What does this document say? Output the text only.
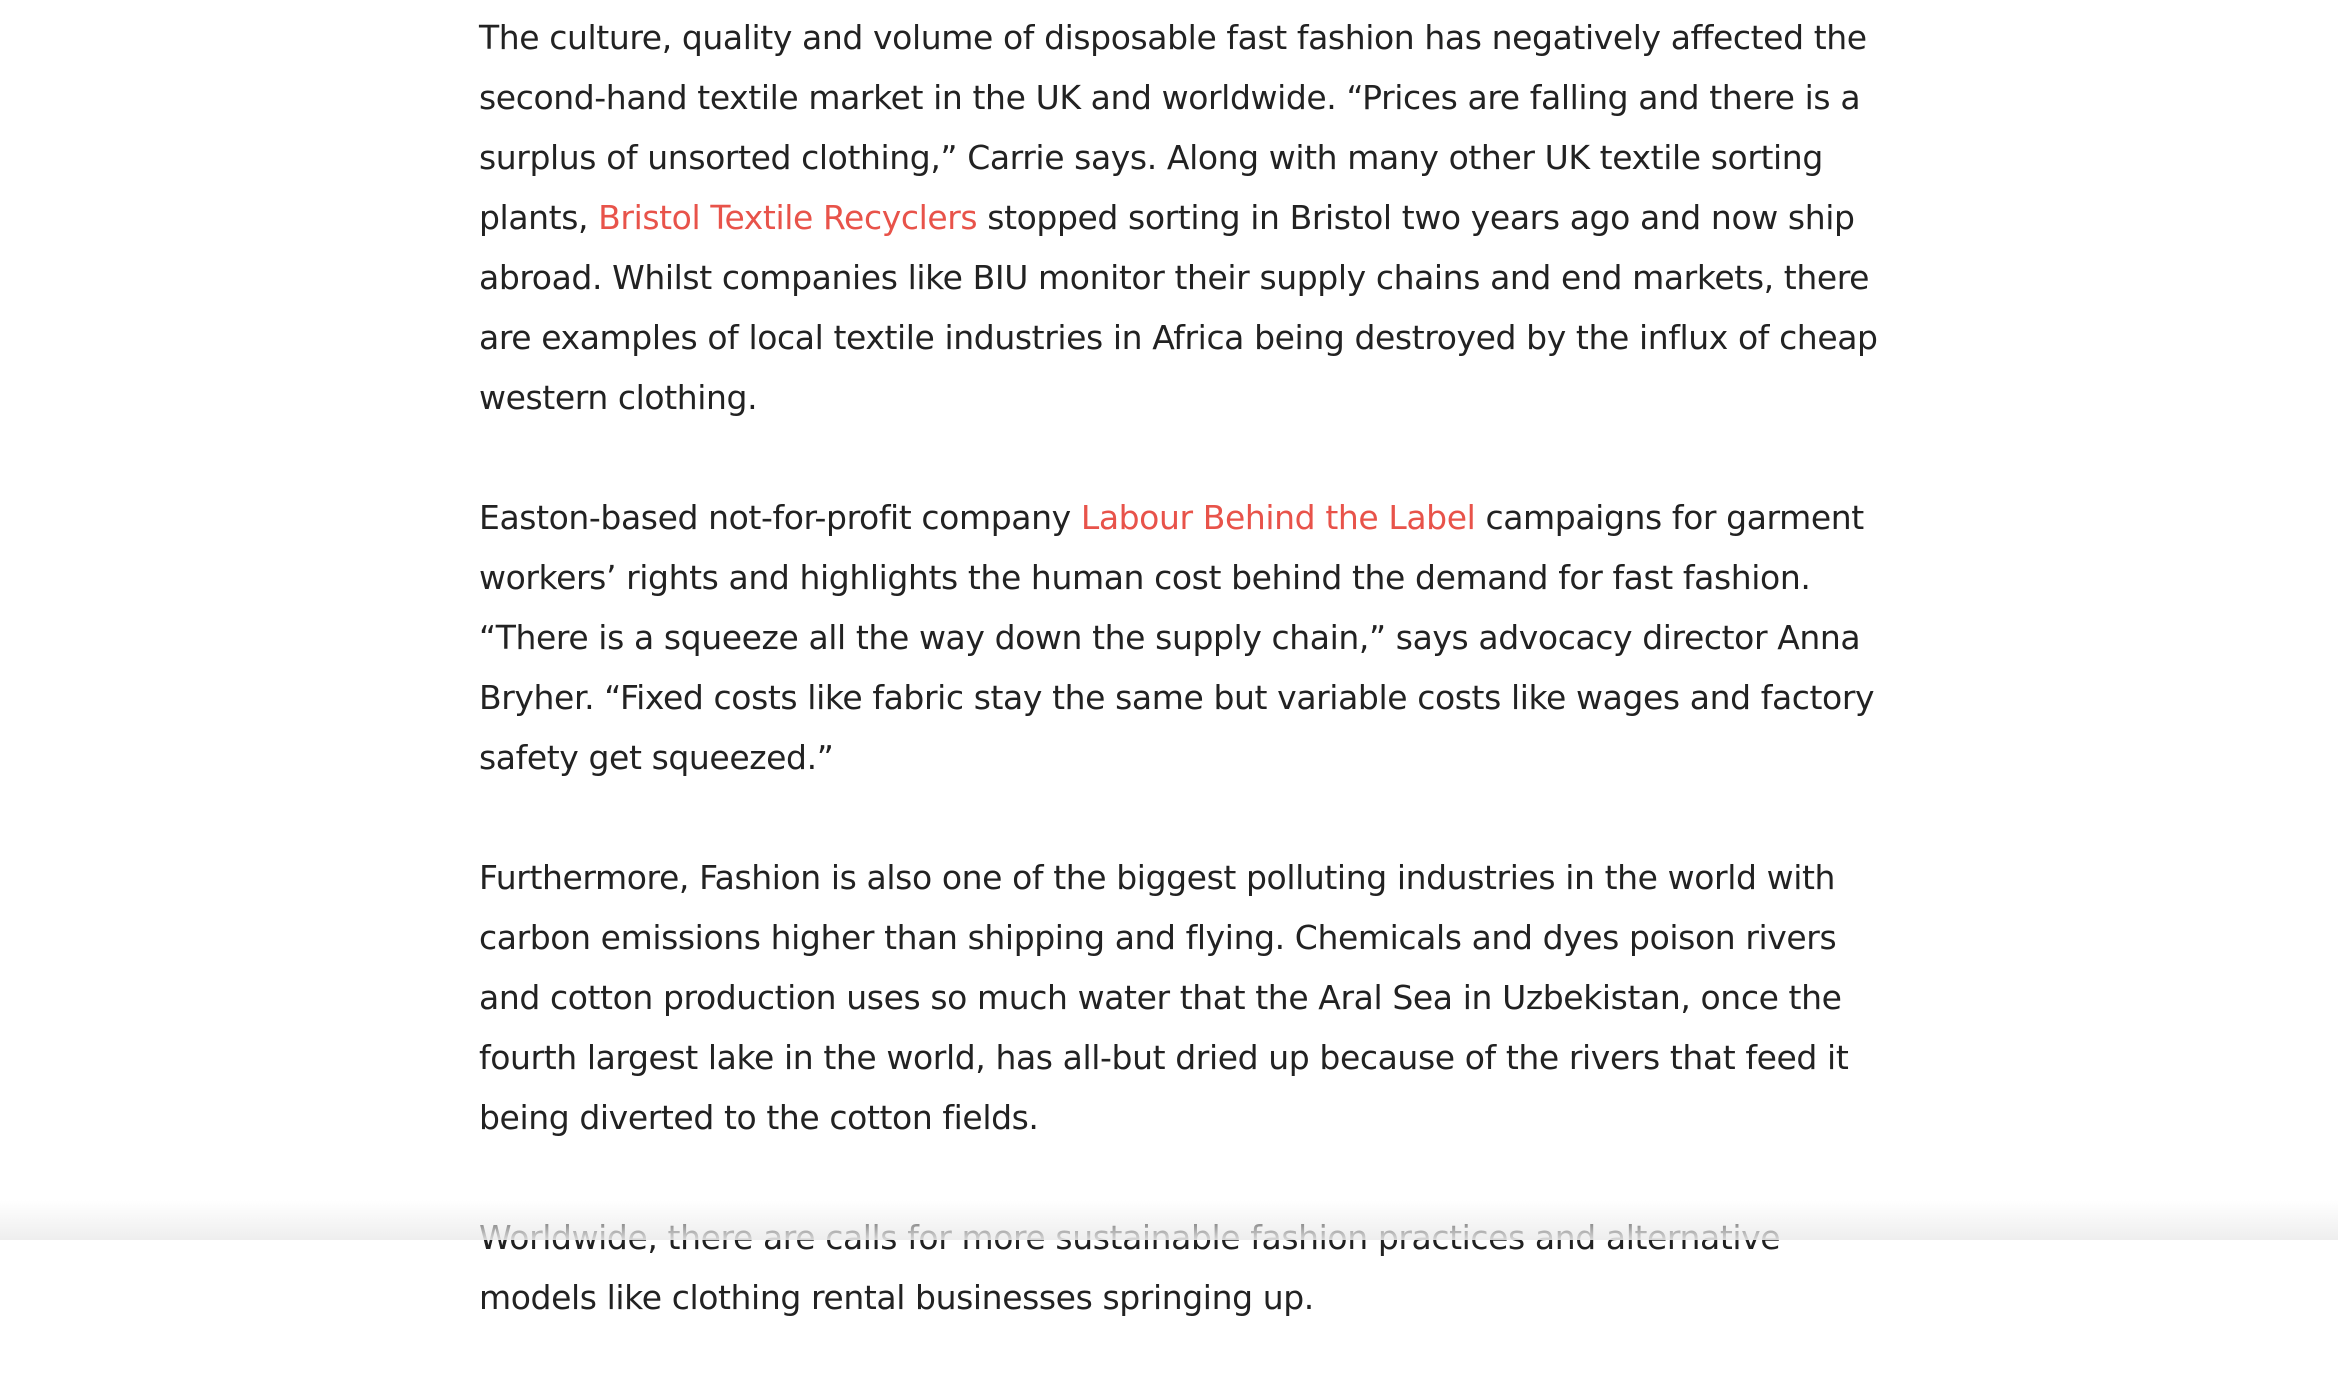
The culture, quality and volume of disposable fast fashion has negatively affected the second-hand textile market in the UK and worldwide. “Prices are falling and there is a surplus of unsorted clothing,” Carrie says. Along with many other UK textile sorting plants, Bristol Textile Recyclers stopped sorting in Bristol two years ago and now ship abroad. Whilst companies like BIU monitor their supply chains and end markets, there are examples of local textile industries in Africa being destroyed by the influx of cheap western clothing.

Easton-based not-for-profit company Labour Behind the Label campaigns for garment workers’ rights and highlights the human cost behind the demand for fast fashion. “There is a squeeze all the way down the supply chain,” says advocacy director Anna Bryher. “Fixed costs like fabric stay the same but variable costs like wages and factory safety get squeezed.”

Furthermore, Fashion is also one of the biggest polluting industries in the world with carbon emissions higher than shipping and flying. Chemicals and dyes poison rivers and cotton production uses so much water that the Aral Sea in Uzbekistan, once the fourth largest lake in the world, has all-but dried up because of the rivers that feed it being diverted to the cotton fields.

Worldwide, there are calls for more sustainable fashion practices and alternative models like clothing rental businesses springing up.
